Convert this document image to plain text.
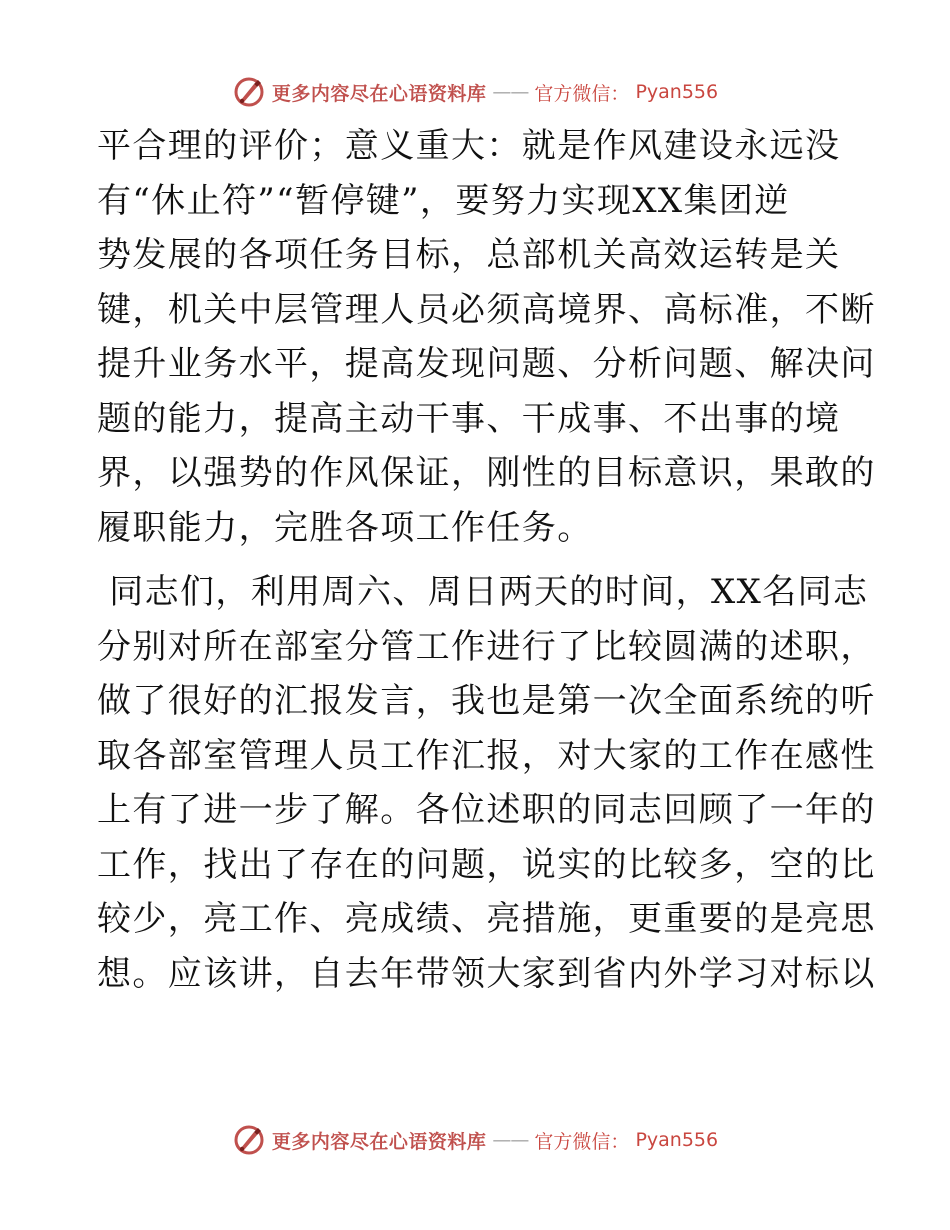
更多内容尽在心语资料库 —— 官方微信： Pyan556
平合理的评价；意义重大：就是作风建设永远没
有“休止符”“暂停键”，要努力实现XX集团逆
势发展的各项任务目标，总部机关高效运转是关
键，机关中层管理人员必须高境界、高标准，不断
提升业务水平，提高发现问题、分析问题、解决问
题的能力，提高主动干事、干成事、不出事的境
界，以强势的作风保证，刚性的目标意识，果敢的
履职能力，完胜各项工作任务。
同志们，利用周六、周日两天的时间，XX名同志
分别对所在部室分管工作进行了比较圆满的述职，
做了很好的汇报发言，我也是第一次全面系统的听
取各部室管理人员工作汇报，对大家的工作在感性
上有了进一步了解。各位述职的同志回顾了一年的
工作，找出了存在的问题，说实的比较多，空的比
较少，亮工作、亮成绩、亮措施，更重要的是亮思
想。应该讲，自去年带领大家到省内外学习对标以
更多内容尽在心语资料库 —— 官方微信： Pyan556
